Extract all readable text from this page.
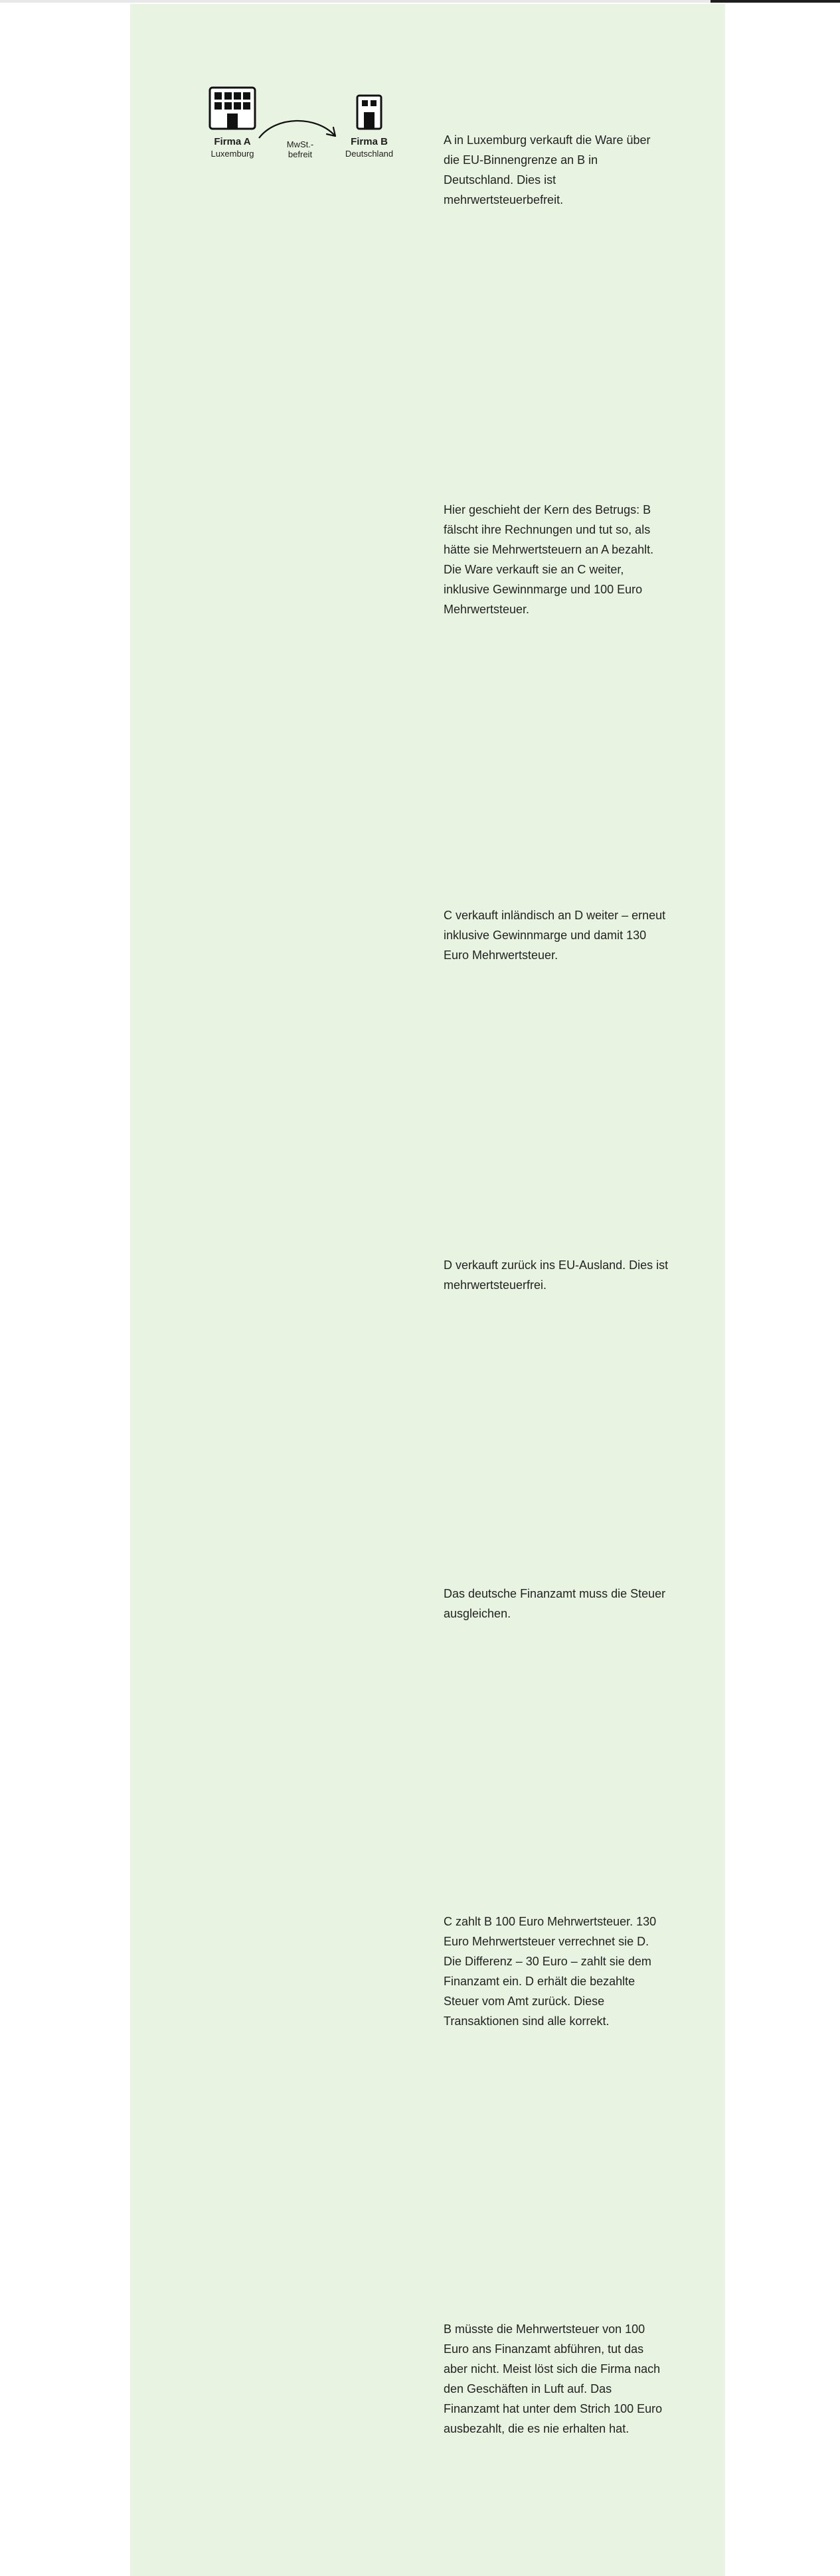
Firma A
Luxemburg
MwSt.-
befreit
Firma B
Deutschland
A in Luxemburg verkauft die Ware über die EU-Binnengrenze an B in Deutschland. Dies ist mehrwertsteuerbefreit.
Hier geschieht der Kern des Betrugs: B fälscht ihre Rechnungen und tut so, als hätte sie Mehrwertsteuern an A bezahlt. Die Ware verkauft sie an C weiter, inklusive Gewinnmarge und 100 Euro Mehrwertsteuer.
C verkauft inländisch an D weiter – erneut inklusive Gewinnmarge und damit 130 Euro Mehrwertsteuer.
D verkauft zurück ins EU-Ausland. Dies ist mehrwertsteuerfrei.
Das deutsche Finanzamt muss die Steuer ausgleichen.
C zahlt B 100 Euro Mehrwertsteuer. 130 Euro Mehrwertsteuer verrechnet sie D. Die Differenz – 30 Euro – zahlt sie dem Finanzamt ein. D erhält die bezahlte Steuer vom Amt zurück. Diese Transaktionen sind alle korrekt.
B müsste die Mehrwertsteuer von 100 Euro ans Finanzamt abführen, tut das aber nicht. Meist löst sich die Firma nach den Geschäften in Luft auf. Das Finanzamt hat unter dem Strich 100 Euro ausbezahlt, die es nie erhalten hat.
